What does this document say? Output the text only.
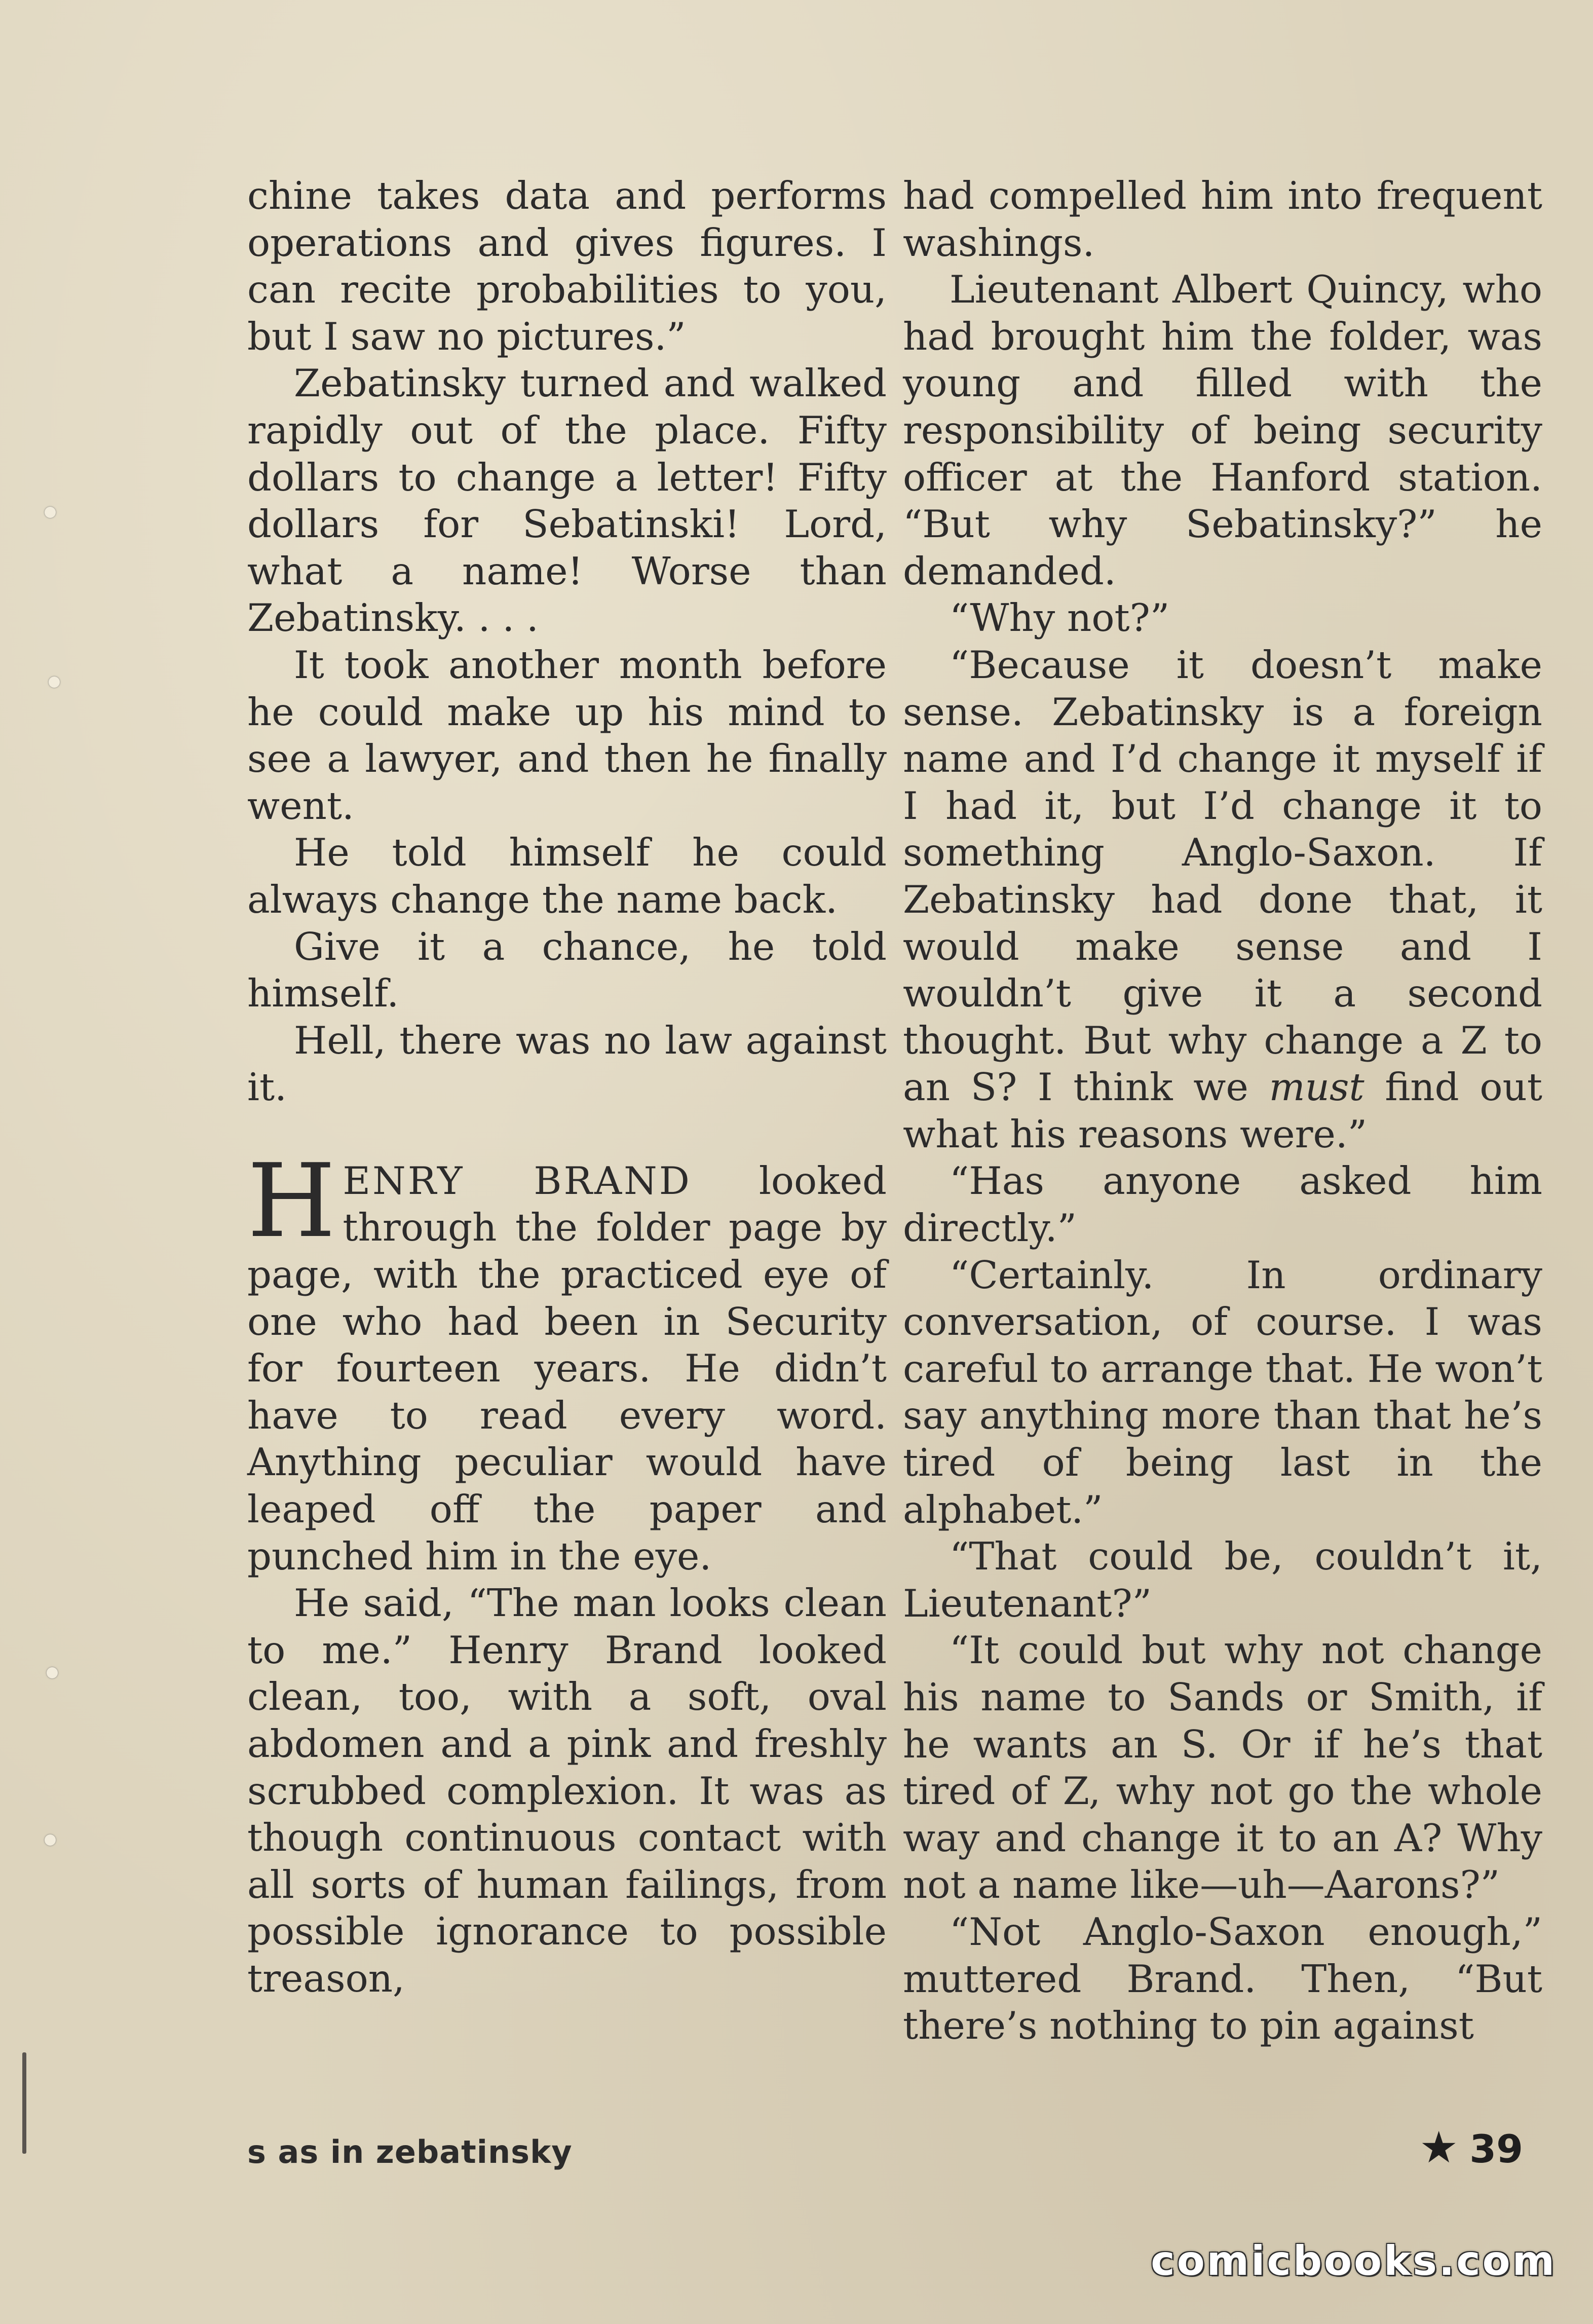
chine takes data and performs operations and gives figures. I can recite probabilities to you, but I saw no pictures.”

Zebatinsky turned and walked rapidly out of the place. Fifty dollars to change a letter! Fifty dollars for Sebatinski! Lord, what a name! Worse than Zebatinsky. . . .

It took another month before he could make up his mind to see a lawyer, and then he finally went.

He told himself he could always change the name back.

Give it a chance, he told himself.

Hell, there was no law against it.

HENRY BRAND looked through the folder page by page, with the practiced eye of one who had been in Security for fourteen years. He didn’t have to read every word. Anything peculiar would have leaped off the paper and punched him in the eye.

He said, “The man looks clean to me.” Henry Brand looked clean, too, with a soft, oval abdomen and a pink and freshly scrubbed complexion. It was as though continuous contact with all sorts of human failings, from possible ignorance to possible treason,

had compelled him into frequent washings.

Lieutenant Albert Quincy, who had brought him the folder, was young and filled with the responsibility of being security officer at the Hanford station. “But why Sebatinsky?” he demanded.

“Why not?”

“Because it doesn’t make sense. Zebatinsky is a foreign name and I’d change it myself if I had it, but I’d change it to something Anglo-Saxon. If Zebatinsky had done that, it would make sense and I wouldn’t give it a second thought. But why change a Z to an S? I think we must find out what his reasons were.”

“Has anyone asked him directly.”

“Certainly. In ordinary conversation, of course. I was careful to arrange that. He won’t say anything more than that he’s tired of being last in the alphabet.”

“That could be, couldn’t it, Lieutenant?”

“It could but why not change his name to Sands or Smith, if he wants an S. Or if he’s that tired of Z, why not go the whole way and change it to an A? Why not a name like—uh—Aarons?”

“Not Anglo-Saxon enough,” muttered Brand. Then, “But there’s nothing to pin against

s as in zebatinsky	★ 39
comicbooks.com
